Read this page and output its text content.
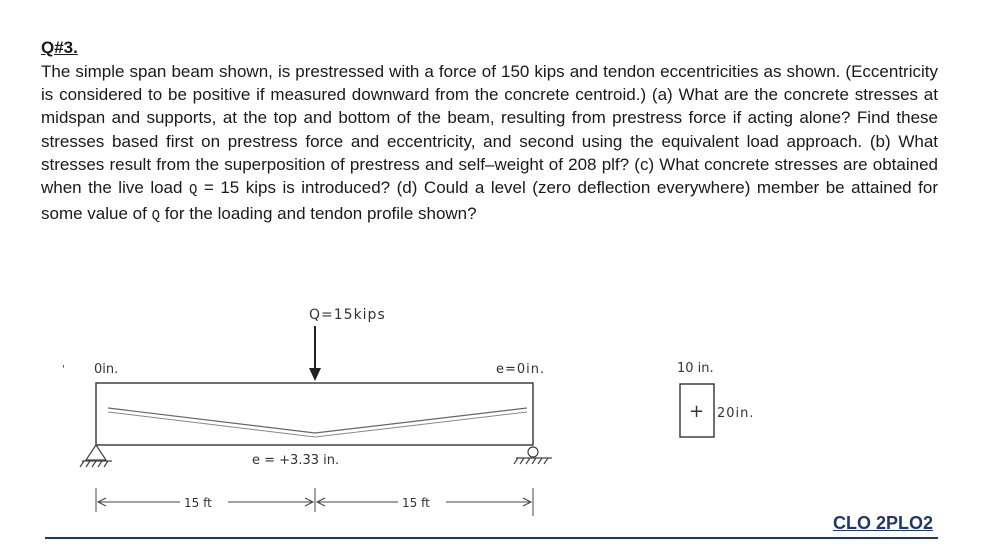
Q#3.

The simple span beam shown, is prestressed with a force of 150 kips and tendon eccentricities as shown. (Eccentricity is considered to be positive if measured downward from the concrete centroid.) (a) What are the concrete stresses at midspan and supports, at the top and bottom of the beam, resulting from prestress force if acting alone? Find these stresses based first on prestress force and eccentricity, and second using the equivalent load approach. (b) What stresses result from the superposition of prestress and self–weight of 208 plf? (c) What concrete stresses are obtained when the live load Q = 15 kips is introduced? (d) Could a level (zero deflection everywhere) member be attained for some value of Q for the loading and tendon profile shown?

Q=15kips
' 0in.	e=0in.
e = +3.33 in.
15 ft	15 ft
10 in.
+ 20in.
CLO 2PLO2
